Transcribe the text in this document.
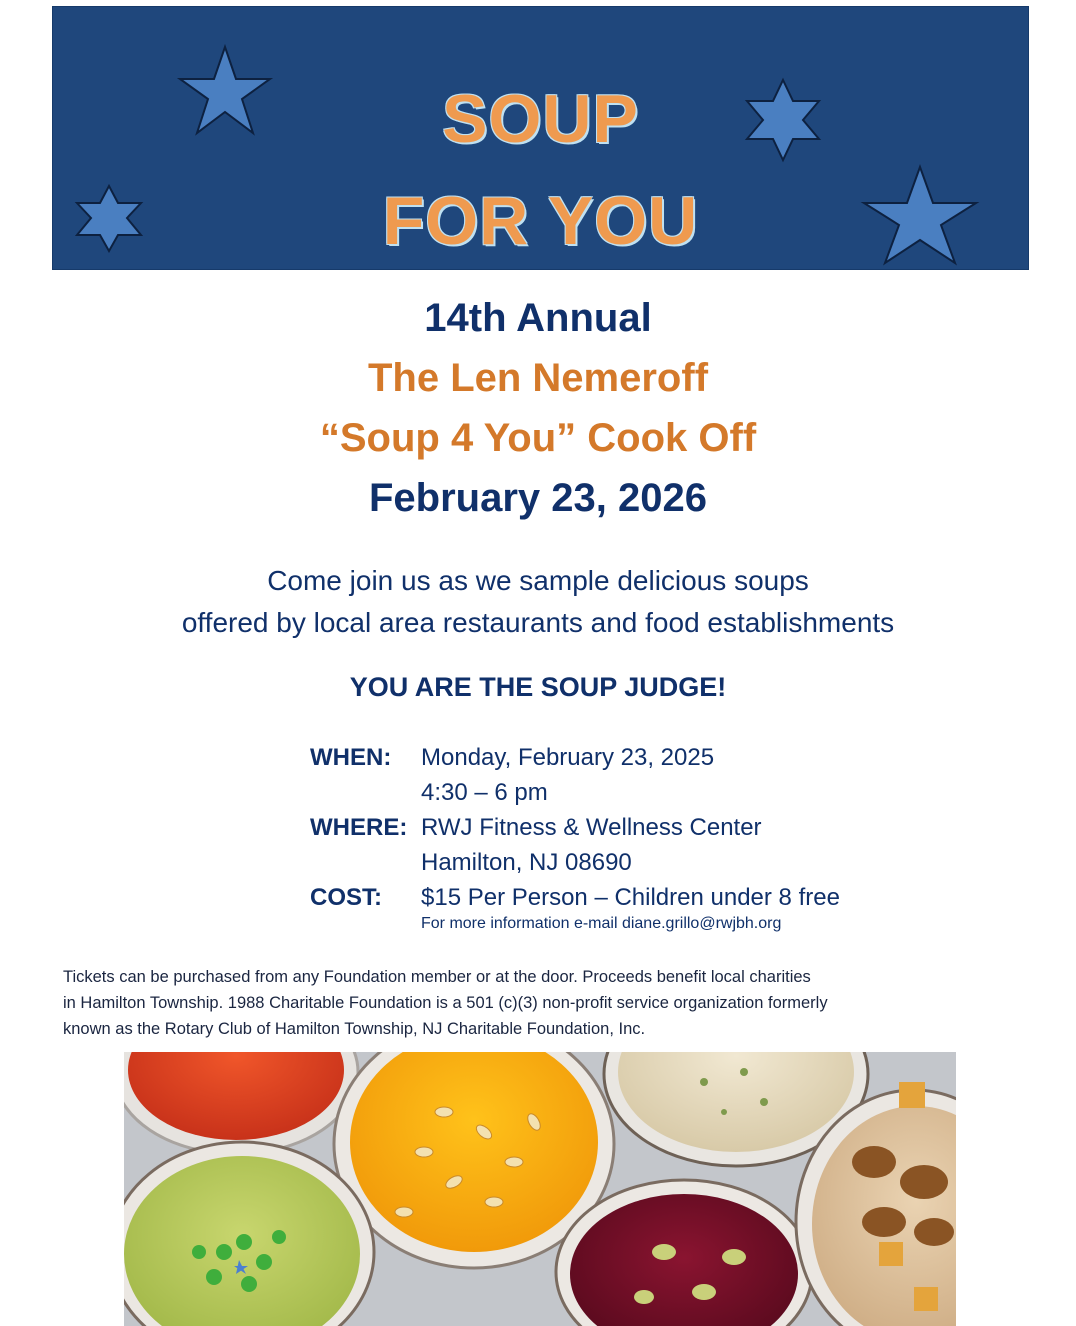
SOUP
FOR YOU
14th Annual
The Len Nemeroff
“Soup 4 You” Cook Off
February 23, 2026
Come join us as we sample delicious soups
offered by local area restaurants and food establishments
YOU ARE THE SOUP JUDGE!
WHEN: Monday, February 23, 2025
4:30 – 6 pm
WHERE: RWJ Fitness & Wellness Center
Hamilton, NJ 08690
COST: $15 Per Person – Children under 8 free
For more information e-mail diane.grillo@rwjbh.org
Tickets can be purchased from any Foundation member or at the door. Proceeds benefit local charities
in Hamilton Township. 1988 Charitable Foundation is a 501 (c)(3) non-profit service organization formerly
known as the Rotary Club of Hamilton Township, NJ Charitable Foundation, Inc.
